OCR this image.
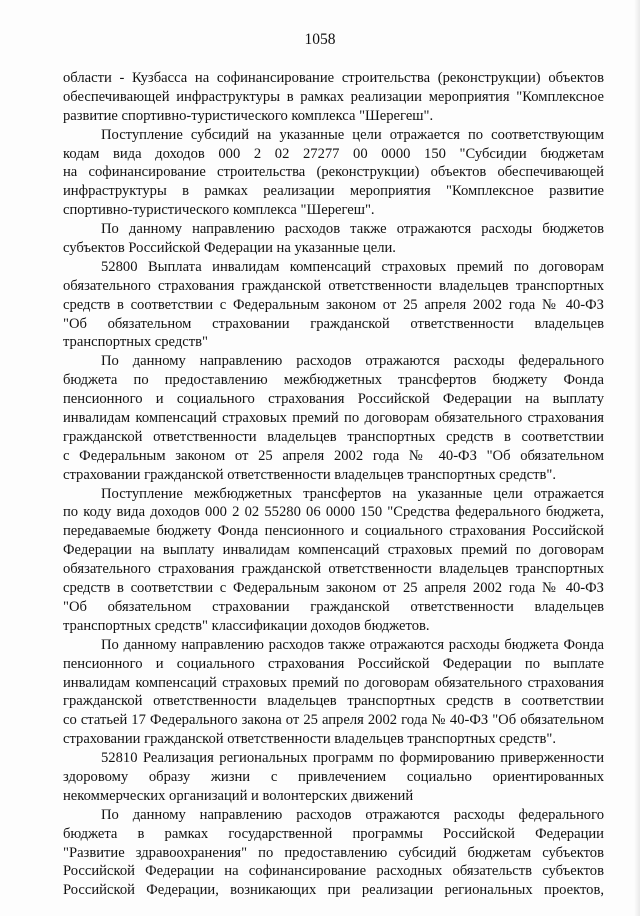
1058
области - Кузбасса на софинансирование строительства (реконструкции) объектов
обеспечивающей инфраструктуры в рамках реализации мероприятия "Комплексное
развитие спортивно-туристического комплекса "Шерегеш".
Поступление субсидий на указанные цели отражается по соответствующим
кодам вида доходов 000 2 02 27277 00 0000 150 "Субсидии бюджетам
на софинансирование строительства (реконструкции) объектов обеспечивающей
инфраструктуры в рамках реализации мероприятия "Комплексное развитие
спортивно-туристического комплекса "Шерегеш".
По данному направлению расходов также отражаются расходы бюджетов
субъектов Российской Федерации на указанные цели.
52800 Выплата инвалидам компенсаций страховых премий по договорам
обязательного страхования гражданской ответственности владельцев транспортных
средств в соответствии с Федеральным законом от 25 апреля 2002 года № 40-ФЗ
"Об обязательном страховании гражданской ответственности владельцев
транспортных средств"
По данному направлению расходов отражаются расходы федерального
бюджета по предоставлению межбюджетных трансфертов бюджету Фонда
пенсионного и социального страхования Российской Федерации на выплату
инвалидам компенсаций страховых премий по договорам обязательного страхования
гражданской ответственности владельцев транспортных средств в соответствии
с Федеральным законом от 25 апреля 2002 года № 40-ФЗ "Об обязательном
страховании гражданской ответственности владельцев транспортных средств".
Поступление межбюджетных трансфертов на указанные цели отражается
по коду вида доходов 000 2 02 55280 06 0000 150 "Средства федерального бюджета,
передаваемые бюджету Фонда пенсионного и социального страхования Российской
Федерации на выплату инвалидам компенсаций страховых премий по договорам
обязательного страхования гражданской ответственности владельцев транспортных
средств в соответствии с Федеральным законом от 25 апреля 2002 года № 40-ФЗ
"Об обязательном страховании гражданской ответственности владельцев
транспортных средств" классификации доходов бюджетов.
По данному направлению расходов также отражаются расходы бюджета Фонда
пенсионного и социального страхования Российской Федерации по выплате
инвалидам компенсаций страховых премий по договорам обязательного страхования
гражданской ответственности владельцев транспортных средств в соответствии
со статьей 17 Федерального закона от 25 апреля 2002 года № 40-ФЗ "Об обязательном
страховании гражданской ответственности владельцев транспортных средств".
52810 Реализация региональных программ по формированию приверженности
здоровому образу жизни с привлечением социально ориентированных
некоммерческих организаций и волонтерских движений
По данному направлению расходов отражаются расходы федерального
бюджета в рамках государственной программы Российской Федерации
"Развитие здравоохранения" по предоставлению субсидий бюджетам субъектов
Российской Федерации на софинансирование расходных обязательств субъектов
Российской Федерации, возникающих при реализации региональных проектов,
